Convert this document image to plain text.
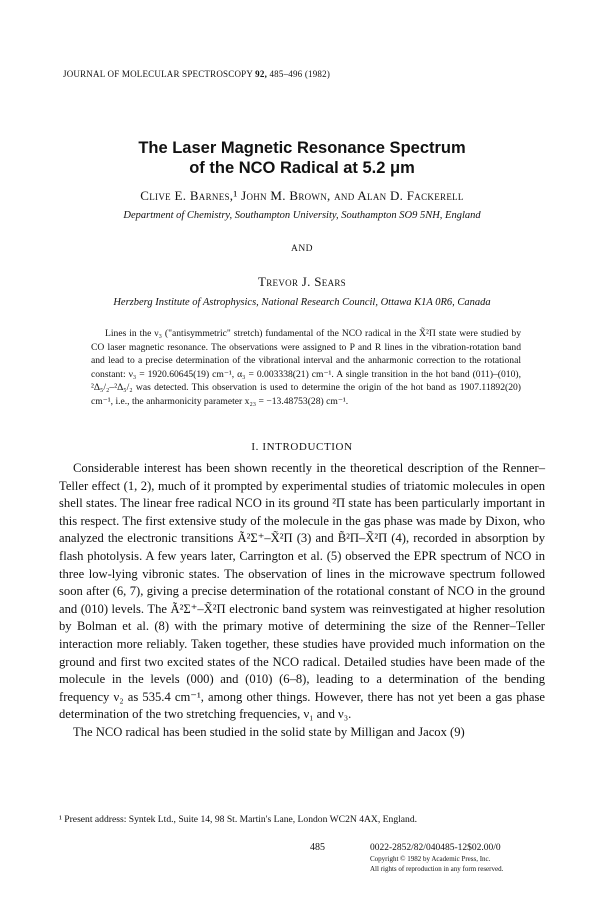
JOURNAL OF MOLECULAR SPECTROSCOPY 92, 485–496 (1982)
The Laser Magnetic Resonance Spectrum
of the NCO Radical at 5.2 μm
Clive E. Barnes,¹ John M. Brown, and Alan D. Fackerell
Department of Chemistry, Southampton University, Southampton SO9 5NH, England
AND
Trevor J. Sears
Herzberg Institute of Astrophysics, National Research Council, Ottawa K1A 0R6, Canada

Lines in the ν₃ ("antisymmetric" stretch) fundamental of the NCO radical in the X̃²Π state were studied by CO laser magnetic resonance. The observations were assigned to P and R lines in the vibration-rotation band and lead to a precise determination of the vibrational interval and the anharmonic correction to the rotational constant: ν₃ = 1920.60645(19) cm⁻¹, α₃ = 0.003338(21) cm⁻¹. A single transition in the hot band (011)–(010), ²Δ₅/₂–²Δ₅/₂ was detected. This observation is used to determine the origin of the hot band as 1907.11892(20) cm⁻¹, i.e., the anharmonicity parameter x₂₃ = −13.48753(28) cm⁻¹.

I. INTRODUCTION

Considerable interest has been shown recently in the theoretical description of the Renner–Teller effect (1, 2), much of it prompted by experimental studies of triatomic molecules in open shell states. The linear free radical NCO in its ground ²Π state has been particularly important in this respect. The first extensive study of the molecule in the gas phase was made by Dixon, who analyzed the electronic transitions Ã²Σ⁺–X̃²Π (3) and B̃²Π–X̃²Π (4), recorded in absorption by flash photolysis. A few years later, Carrington et al. (5) observed the EPR spectrum of NCO in three low-lying vibronic states. The observation of lines in the microwave spectrum followed soon after (6, 7), giving a precise determination of the rotational constant of NCO in the ground and (010) levels. The Ã²Σ⁺–X̃²Π electronic band system was reinvestigated at higher resolution by Bolman et al. (8) with the primary motive of determining the size of the Renner–Teller interaction more reliably. Taken together, these studies have provided much information on the ground and first two excited states of the NCO radical. Detailed studies have been made of the molecule in the levels (000) and (010) (6–8), leading to a determination of the bending frequency ν₂ as 535.4 cm⁻¹, among other things. However, there has not yet been a gas phase determination of the two stretching frequencies, ν₁ and ν₃.

The NCO radical has been studied in the solid state by Milligan and Jacox (9)

¹ Present address: Syntek Ltd., Suite 14, 98 St. Martin's Lane, London WC2N 4AX, England.
485	0022-2852/82/040485-12$02.00/0
Copyright © 1982 by Academic Press, Inc.
All rights of reproduction in any form reserved.
